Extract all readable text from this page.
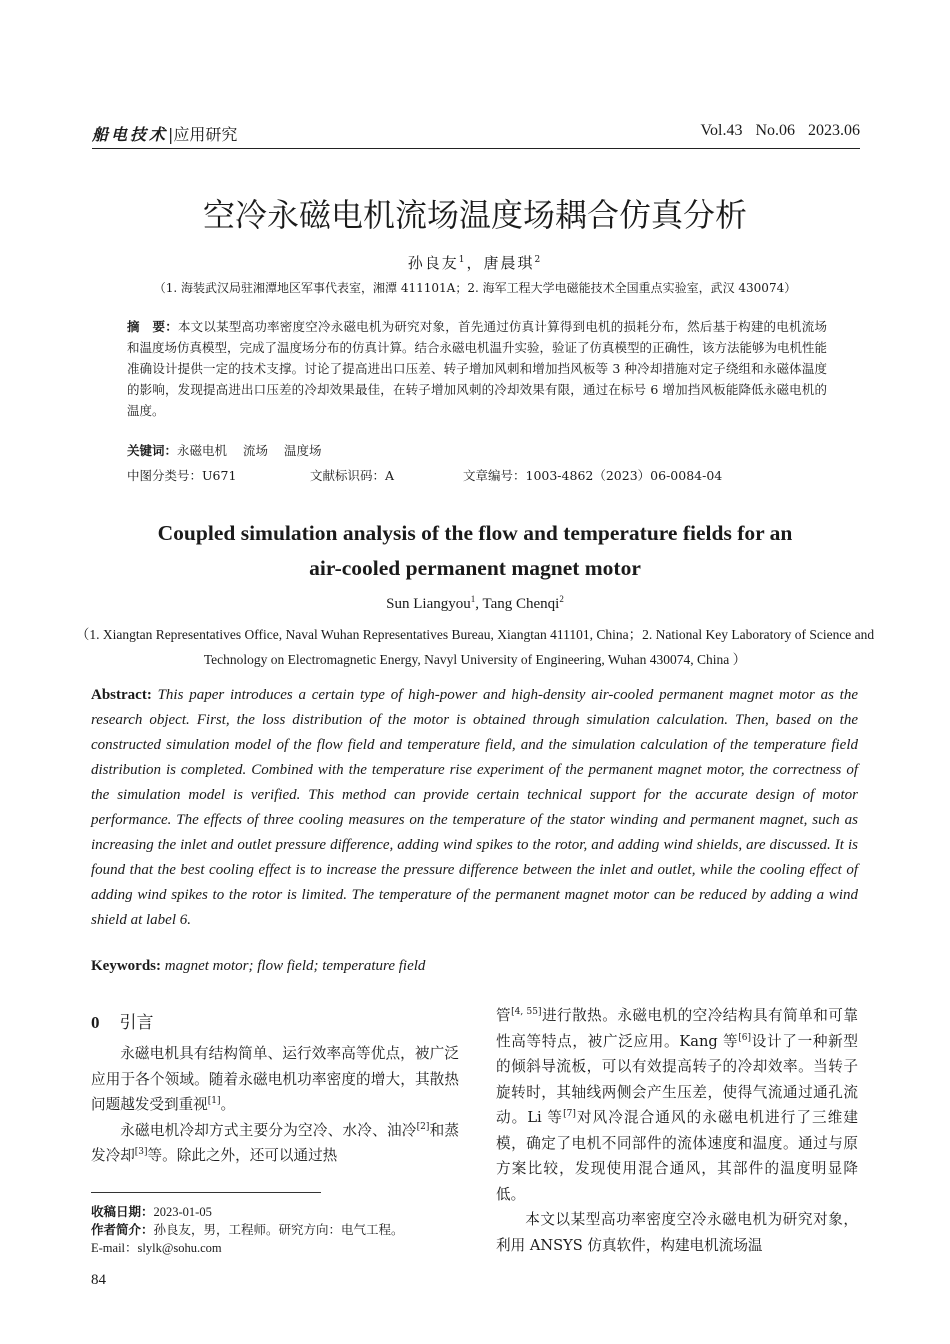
船电技术|应用研究	Vol.43 No.06 2023.06
空冷永磁电机流场温度场耦合仿真分析
孙良友$^1$，唐晨琪$^2$
（1. 海装武汉局驻湘潭地区军事代表室，湘潭 411101A；2. 海军工程大学电磁能技术全国重点实验室，武汉 430074）
摘　要：本文以某型高功率密度空冷永磁电机为研究对象，首先通过仿真计算得到电机的损耗分布，然后基于构建的电机流场和温度场仿真模型，完成了温度场分布的仿真计算。结合永磁电机温升实验，验证了仿真模型的正确性，该方法能够为电机性能准确设计提供一定的技术支撑。讨论了提高进出口压差、转子增加风刺和增加挡风板等 3 种冷却措施对定子绕组和永磁体温度的影响，发现提高进出口压差的冷却效果最佳，在转子增加风刺的冷却效果有限，通过在标号 6 增加挡风板能降低永磁电机的温度。
关键词：永磁电机 流场 温度场
中图分类号：U671	文献标识码：A	文章编号：1003-4862（2023）06-0084-04
Coupled simulation analysis of the flow and temperature fields for an
air-cooled permanent magnet motor
Sun Liangyou$^1$, Tang Chenqi$^2$
（1. Xiangtan Representatives Office, Naval Wuhan Representatives Bureau, Xiangtan 411101, China；2. National Key Laboratory of Science and Technology on Electromagnetic Energy, Navyl University of Engineering, Wuhan 430074, China ）
Abstract: This paper introduces a certain type of high-power and high-density air-cooled permanent magnet motor as the research object. First, the loss distribution of the motor is obtained through simulation calculation. Then, based on the constructed simulation model of the flow field and temperature field, and the simulation calculation of the temperature field distribution is completed. Combined with the temperature rise experiment of the permanent magnet motor, the correctness of the simulation model is verified. This method can provide certain technical support for the accurate design of motor performance. The effects of three cooling measures on the temperature of the stator winding and permanent magnet, such as increasing the inlet and outlet pressure difference, adding wind spikes to the rotor, and adding wind shields, are discussed. It is found that the best cooling effect is to increase the pressure difference between the inlet and outlet, while the cooling effect of adding wind spikes to the rotor is limited. The temperature of the permanent magnet motor can be reduced by adding a wind shield at label 6.
Keywords: magnet motor; flow field; temperature field
0 引言

永磁电机具有结构简单、运行效率高等优点，被广泛应用于各个领域。随着永磁电机功率密度的增大，其散热问题越发受到重视[1]。

永磁电机冷却方式主要分为空冷、水冷、油冷[2]和蒸发冷却[3]等。除此之外，还可以通过热

管[4, 55]进行散热。永磁电机的空冷结构具有简单和可靠性高等特点，被广泛应用。Kang 等[6]设计了一种新型的倾斜导流板，可以有效提高转子的冷却效率。当转子旋转时，其轴线两侧会产生压差，使得气流通过通孔流动。Li 等[7]对风冷混合通风的永磁电机进行了三维建模，确定了电机不同部件的流体速度和温度。通过与原方案比较，发现使用混合通风，其部件的温度明显降低。

本文以某型高功率密度空冷永磁电机为研究对象，利用 ANSYS 仿真软件，构建电机流场温

收稿日期：2023-01-05
作者简介：孙良友，男，工程师。研究方向：电气工程。
E-mail：slylk@sohu.com
84
